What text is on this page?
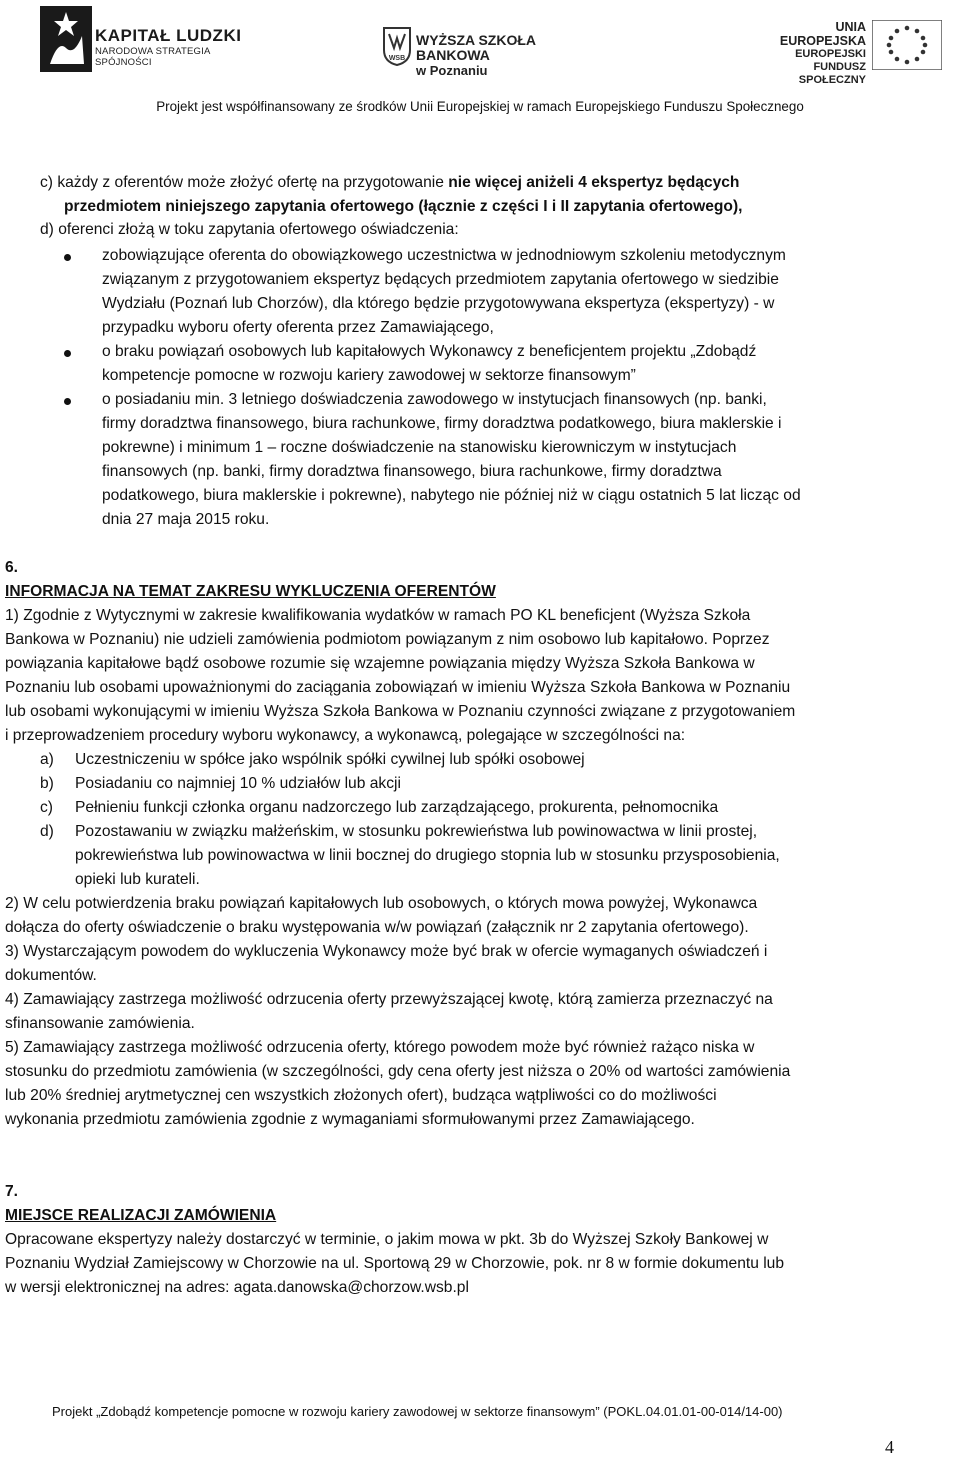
KAPITAŁ LUDZKI
NARODOWA STRATEGIA SPÓJNOŚCI	WSB
WYŻSZA SZKOŁA BANKOWA
w Poznaniu
UNIA EUROPEJSKA
EUROPEJSKI
FUNDUSZ SPOŁECZNY
Projekt jest współfinansowany ze środków Unii Europejskiej w ramach Europejskiego Funduszu Społecznego
c) każdy z oferentów może złożyć ofertę na przygotowanie nie więcej aniżeli 4 ekspertyz będących
przedmiotem niniejszego zapytania ofertowego (łącznie z części I i II zapytania ofertowego),
d) oferenci złożą w toku zapytania ofertowego oświadczenia:
zobowiązujące oferenta do obowiązkowego uczestnictwa w jednodniowym szkoleniu metodycznym
związanym z przygotowaniem ekspertyz będących przedmiotem zapytania ofertowego w siedzibie
Wydziału (Poznań lub Chorzów), dla którego będzie przygotowywana ekspertyza (ekspertyzy) - w
przypadku wyboru oferty oferenta przez Zamawiającego,
o braku powiązań osobowych lub kapitałowych Wykonawcy z beneficjentem projektu „Zdobądź
kompetencje pomocne w rozwoju kariery zawodowej w sektorze finansowym”
o posiadaniu min. 3 letniego doświadczenia zawodowego w instytucjach finansowych (np. banki,
firmy doradztwa finansowego, biura rachunkowe, firmy doradztwa podatkowego, biura maklerskie i
pokrewne) i minimum 1 – roczne doświadczenie na stanowisku kierowniczym w instytucjach
finansowych (np. banki, firmy doradztwa finansowego, biura rachunkowe, firmy doradztwa
podatkowego, biura maklerskie i pokrewne), nabytego nie później niż w ciągu ostatnich 5 lat licząc od
dnia 27 maja 2015 roku.
6.
INFORMACJA NA TEMAT ZAKRESU WYKLUCZENIA OFERENTÓW
1) Zgodnie z Wytycznymi w zakresie kwalifikowania wydatków w ramach PO KL beneficjent (Wyższa Szkoła
Bankowa w Poznaniu) nie udzieli zamówienia podmiotom powiązanym z nim osobowo lub kapitałowo. Poprzez
powiązania kapitałowe bądź osobowe rozumie się wzajemne powiązania między Wyższa Szkoła Bankowa w
Poznaniu lub osobami upoważnionymi do zaciągania zobowiązań w imieniu Wyższa Szkoła Bankowa w Poznaniu
lub osobami wykonującymi w imieniu Wyższa Szkoła Bankowa w Poznaniu czynności związane z przygotowaniem
i przeprowadzeniem procedury wyboru wykonawcy, a wykonawcą, polegające w szczególności na:
a) Uczestniczeniu w spółce jako wspólnik spółki cywilnej lub spółki osobowej
b) Posiadaniu co najmniej 10 % udziałów lub akcji
c) Pełnieniu funkcji członka organu nadzorczego lub zarządzającego, prokurenta, pełnomocnika
d) Pozostawaniu w związku małżeńskim, w stosunku pokrewieństwa lub powinowactwa w linii prostej,
pokrewieństwa lub powinowactwa w linii bocznej do drugiego stopnia lub w stosunku przysposobienia,
opieki lub kurateli.
2) W celu potwierdzenia braku powiązań kapitałowych lub osobowych, o których mowa powyżej, Wykonawca
dołącza do oferty oświadczenie o braku występowania w/w powiązań (załącznik nr 2 zapytania ofertowego).
3) Wystarczającym powodem do wykluczenia Wykonawcy może być brak w ofercie wymaganych oświadczeń i
dokumentów.
4) Zamawiający zastrzega możliwość odrzucenia oferty przewyższającej kwotę, którą zamierza przeznaczyć na
sfinansowanie zamówienia.
5) Zamawiający zastrzega możliwość odrzucenia oferty, którego powodem może być również rażąco niska w
stosunku do przedmiotu zamówienia (w szczególności, gdy cena oferty jest niższa o 20% od wartości zamówienia
lub 20% średniej arytmetycznej cen wszystkich złożonych ofert), budząca wątpliwości co do możliwości
wykonania przedmiotu zamówienia zgodnie z wymaganiami sformułowanymi przez Zamawiającego.
7.
MIEJSCE REALIZACJI ZAMÓWIENIA
Opracowane ekspertyzy należy dostarczyć w terminie, o jakim mowa w pkt. 3b do Wyższej Szkoły Bankowej w
Poznaniu Wydział Zamiejscowy w Chorzowie na ul. Sportową 29 w Chorzowie, pok. nr 8 w formie dokumentu lub
w wersji elektronicznej na adres: agata.danowska@chorzow.wsb.pl
Projekt „Zdobądź kompetencje pomocne w rozwoju kariery zawodowej w sektorze finansowym” (POKL.04.01.01-00-014/14-00)
4
